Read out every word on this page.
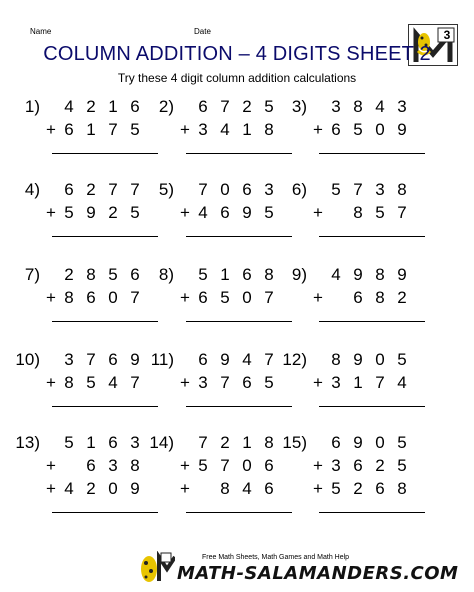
Name	Date	3
COLUMN ADDITION – 4 DIGITS SHEET 2
Try these 4 digit column addition calculations
1) 4 2 1 6
+ 6 1 7 5
2) 6 7 2 5
+ 3 4 1 8
3) 3 8 4 3
+ 6 5 0 9
4) 6 2 7 7
+ 5 9 2 5
5) 7 0 6 3
+ 4 6 9 5
6) 5 7 3 8
+ 8 5 7
7) 2 8 5 6
+ 8 6 0 7
8) 5 1 6 8
+ 6 5 0 7
9) 4 9 8 9
+ 6 8 2
10) 3 7 6 9
+ 8 5 4 7
11) 6 9 4 7
+ 3 7 6 5
12) 8 9 0 5
+ 3 1 7 4
13) 5 1 6 3
+ 6 3 8
+ 4 2 0 9
14) 7 2 1 8
+ 5 7 0 6
+ 8 4 6
15) 6 9 0 5
+ 3 6 2 5
+ 5 2 6 8
Free Math Sheets, Math Games and Math Help
MATH-SALAMANDERS.COM
